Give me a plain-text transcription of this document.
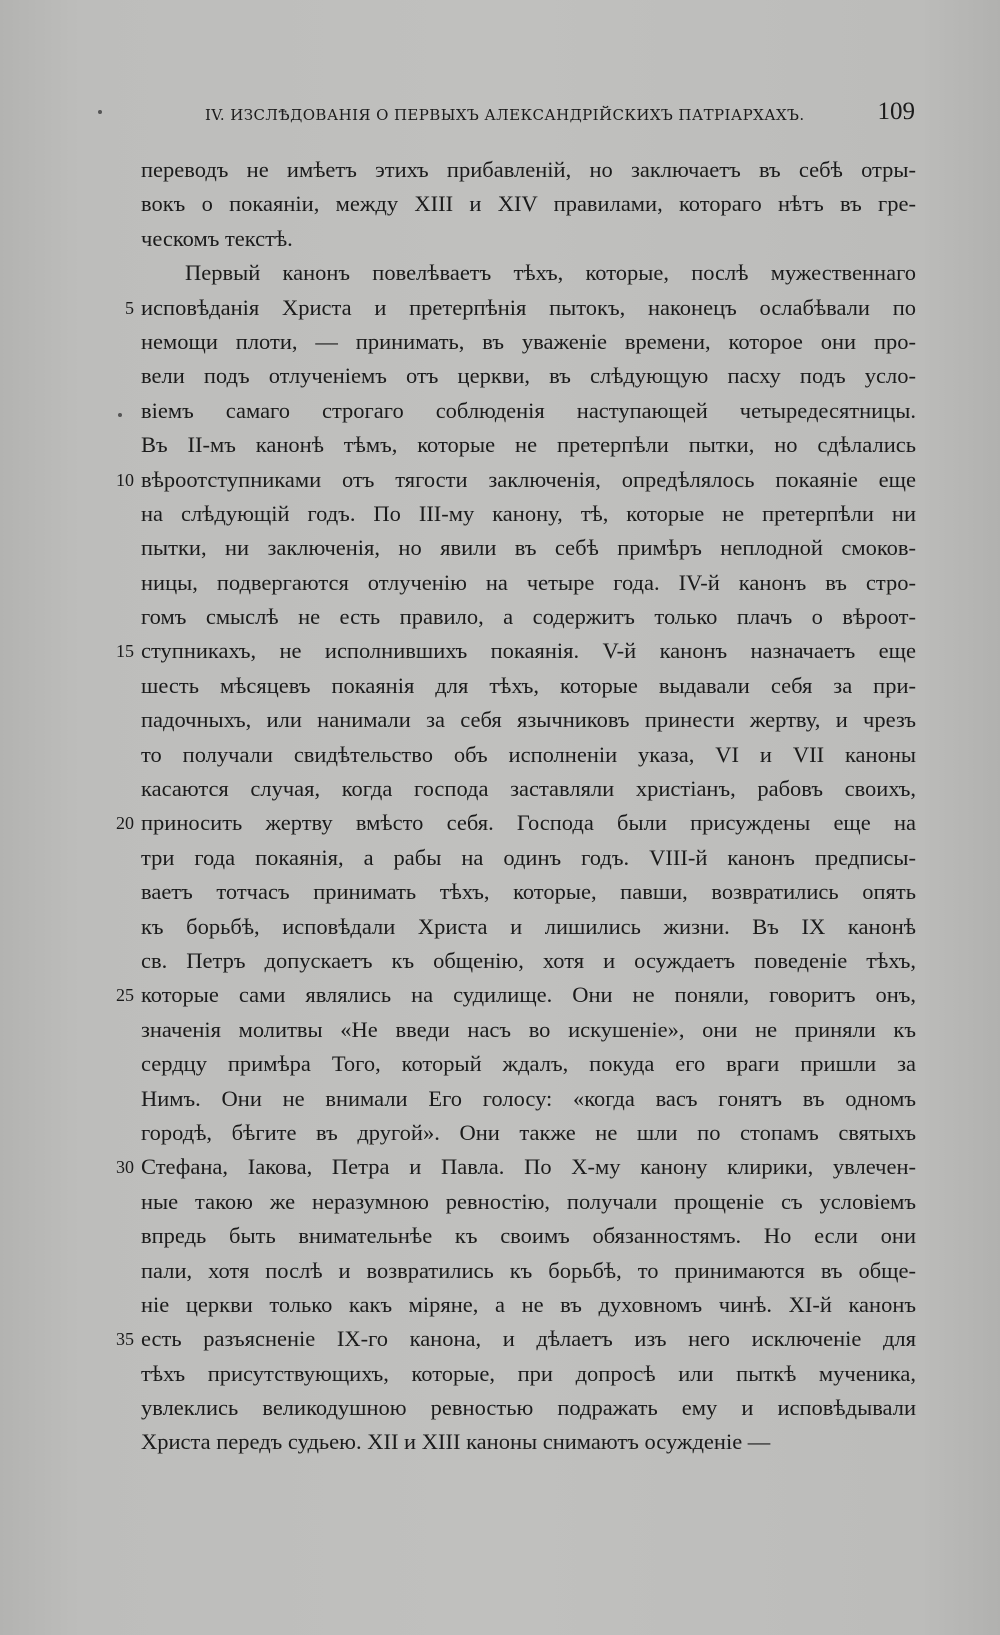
IV. ИЗСЛѢДОВАНІЯ О ПЕРВЫХЪ АЛЕКСАНДРІЙСКИХЪ ПАТРІАРХАХЪ.	109
переводъ не имѣетъ этихъ прибавленій, но заключаетъ въ себѣ отры-
вокъ о покаяніи, между XIII и XIV правилами, котораго нѣтъ въ гре-
ческомъ текстѣ.
Первый канонъ повелѣваетъ тѣхъ, которые, послѣ мужественнаго
5 исповѣданія Христа и претерпѣнія пытокъ, наконецъ ослабѣвали по
немощи плоти, — принимать, въ уваженіе времени, которое они про-
вели подъ отлученіемъ отъ церкви, въ слѣдующую пасху подъ усло-
віемъ самаго строгаго соблюденія наступающей четыредесятницы.
Въ II-мъ канонѣ тѣмъ, которые не претерпѣли пытки, но сдѣлались
10 вѣроотступниками отъ тягости заключенія, опредѣлялось покаяніе еще
на слѣдующій годъ. По III-му канону, тѣ, которые не претерпѣли ни
пытки, ни заключенія, но явили въ себѣ примѣръ неплодной смоков-
ницы, подвергаются отлученію на четыре года. IV-й канонъ въ стро-
гомъ смыслѣ не есть правило, а содержитъ только плачъ о вѣроот-
15 ступникахъ, не исполнившихъ покаянія. V-й канонъ назначаетъ еще
шесть мѣсяцевъ покаянія для тѣхъ, которые выдавали себя за при-
падочныхъ, или нанимали за себя язычниковъ принести жертву, и чрезъ
то получали свидѣтельство объ исполненіи указа, VI и VII каноны
касаются случая, когда господа заставляли христіанъ, рабовъ своихъ,
20 приносить жертву вмѣсто себя. Господа были присуждены еще на
три года покаянія, а рабы на одинъ годъ. VIII-й канонъ предписы-
ваетъ тотчасъ принимать тѣхъ, которые, павши, возвратились опять
къ борьбѣ, исповѣдали Христа и лишились жизни. Въ IX канонѣ
св. Петръ допускаетъ къ общенію, хотя и осуждаетъ поведеніе тѣхъ,
25 которые сами являлись на судилище. Они не поняли, говоритъ онъ,
значенія молитвы «Не введи насъ во искушеніе», они не приняли къ
сердцу примѣра Того, который ждалъ, покуда его враги пришли за
Нимъ. Они не внимали Его голосу: «когда васъ гонятъ въ одномъ
городѣ, бѣгите въ другой». Они также не шли по стопамъ святыхъ
30 Стефана, Іакова, Петра и Павла. По X-му канону клирики, увлечен-
ные такою же неразумною ревностію, получали прощеніе съ условіемъ
впредь быть внимательнѣе къ своимъ обязанностямъ. Но если они
пали, хотя послѣ и возвратились къ борьбѣ, то принимаются въ обще-
ніе церкви только какъ міряне, а не въ духовномъ чинѣ. XI-й канонъ
35 есть разъясненіе IX-го канона, и дѣлаетъ изъ него исключеніе для
тѣхъ присутствующихъ, которые, при допросѣ или пыткѣ мученика,
увлеклись великодушною ревностью подражать ему и исповѣдывали
Христа передъ судьею. XII и XIII каноны снимаютъ осужденіе —
